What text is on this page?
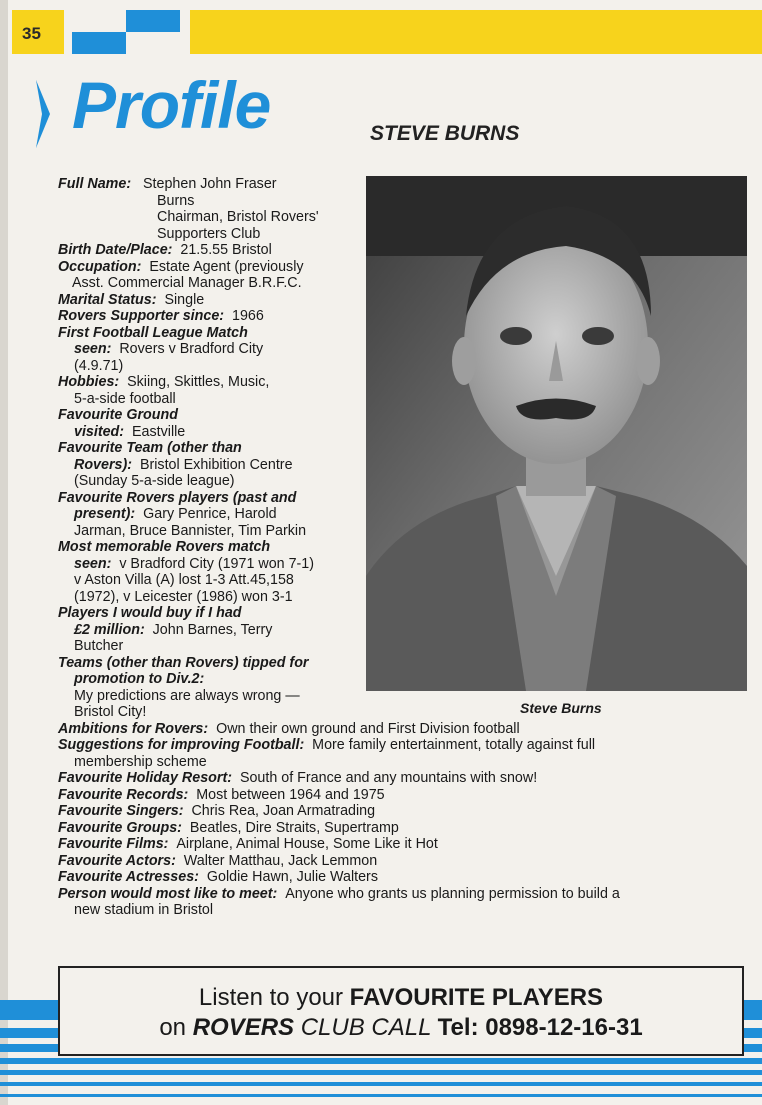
35
Profile	STEVE BURNS
Steve Burns
Full Name: Stephen John Fraser
Burns
Chairman, Bristol Rovers'
Supporters Club
Birth Date/Place: 21.5.55 Bristol
Occupation: Estate Agent (previously
Asst. Commercial Manager B.R.F.C.
Marital Status: Single
Rovers Supporter since: 1966
First Football League Match
seen: Rovers v Bradford City
(4.9.71)
Hobbies: Skiing, Skittles, Music,
5-a-side football
Favourite Ground
visited: Eastville
Favourite Team (other than
Rovers): Bristol Exhibition Centre
(Sunday 5-a-side league)
Favourite Rovers players (past and
present): Gary Penrice, Harold
Jarman, Bruce Bannister, Tim Parkin
Most memorable Rovers match
seen: v Bradford City (1971 won 7-1)
v Aston Villa (A) lost 1-3 Att.45,158
(1972), v Leicester (1986) won 3-1
Players I would buy if I had
£2 million: John Barnes, Terry
Butcher
Teams (other than Rovers) tipped for
promotion to Div.2:
My predictions are always wrong —
Bristol City!
Ambitions for Rovers: Own their own ground and First Division football
Suggestions for improving Football: More family entertainment, totally against full
membership scheme
Favourite Holiday Resort: South of France and any mountains with snow!
Favourite Records: Most between 1964 and 1975
Favourite Singers: Chris Rea, Joan Armatrading
Favourite Groups: Beatles, Dire Straits, Supertramp
Favourite Films: Airplane, Animal House, Some Like it Hot
Favourite Actors: Walter Matthau, Jack Lemmon
Favourite Actresses: Goldie Hawn, Julie Walters
Person would most like to meet: Anyone who grants us planning permission to build a
new stadium in Bristol
Listen to your FAVOURITE PLAYERS
on ROVERS CLUB CALL Tel: 0898-12-16-31
